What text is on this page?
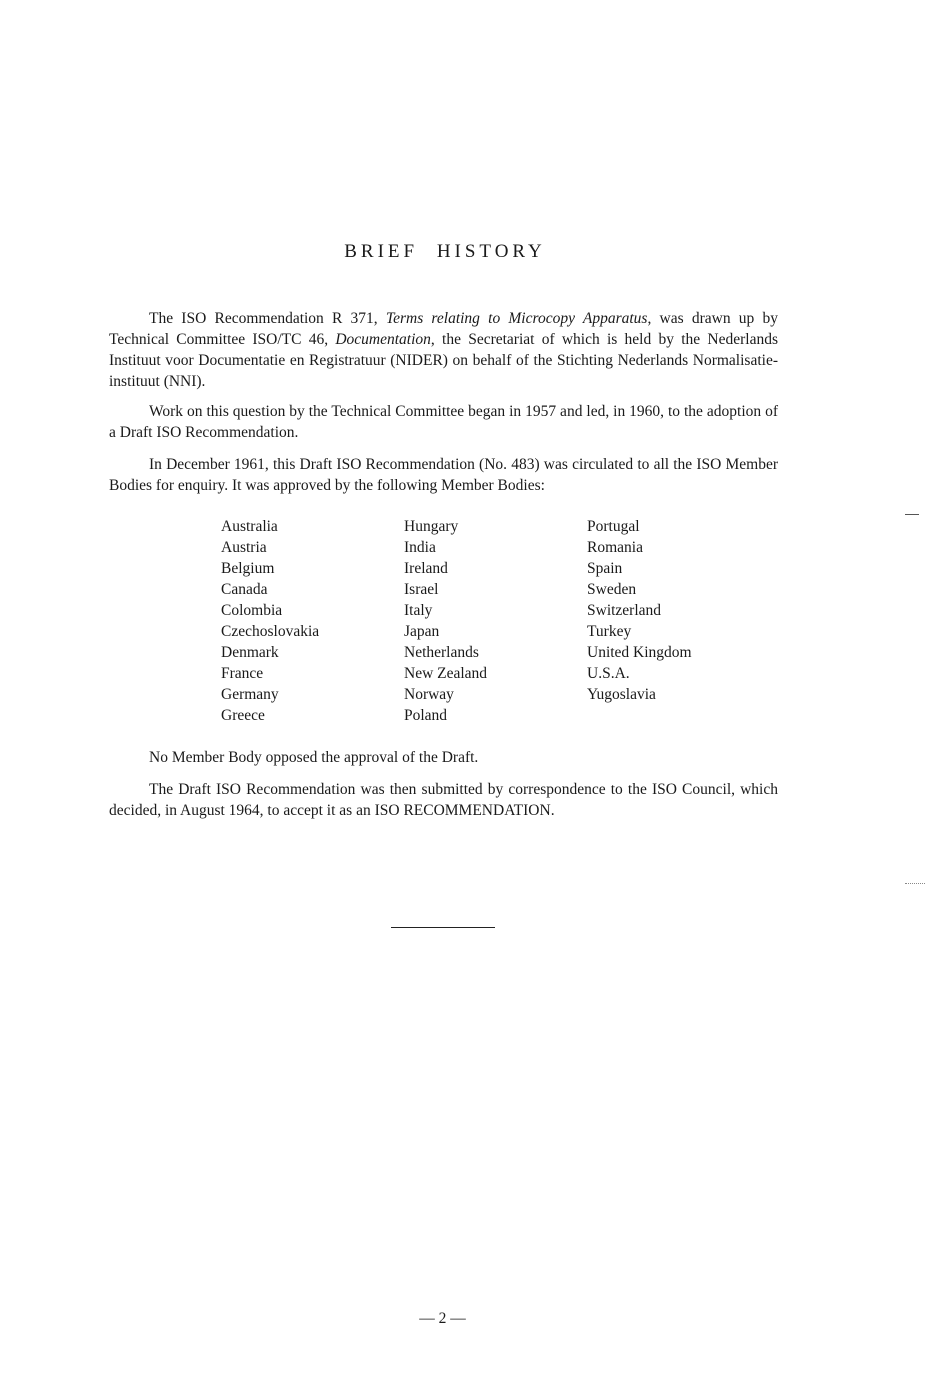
BRIEF HISTORY

The ISO Recommendation R 371, Terms relating to Microcopy Apparatus, was drawn up by Technical Committee ISO/TC 46, Documentation, the Secretariat of which is held by the Nederlands Instituut voor Documentatie en Registratuur (NIDER) on behalf of the Stichting Nederlands Normalisatie-instituut (NNI).

Work on this question by the Technical Committee began in 1957 and led, in 1960, to the adoption of a Draft ISO Recommendation.

In December 1961, this Draft ISO Recommendation (No. 483) was circulated to all the ISO Member Bodies for enquiry. It was approved by the following Member Bodies:

Australia
Austria
Belgium
Canada
Colombia
Czechoslovakia
Denmark
France
Germany
Greece
Hungary
India
Ireland
Israel
Italy
Japan
Netherlands
New Zealand
Norway
Poland
Portugal
Romania
Spain
Sweden
Switzerland
Turkey
United Kingdom
U.S.A.
Yugoslavia

No Member Body opposed the approval of the Draft.

The Draft ISO Recommendation was then submitted by correspondence to the ISO Council, which decided, in August 1964, to accept it as an ISO RECOMMENDATION.

— 2 —
